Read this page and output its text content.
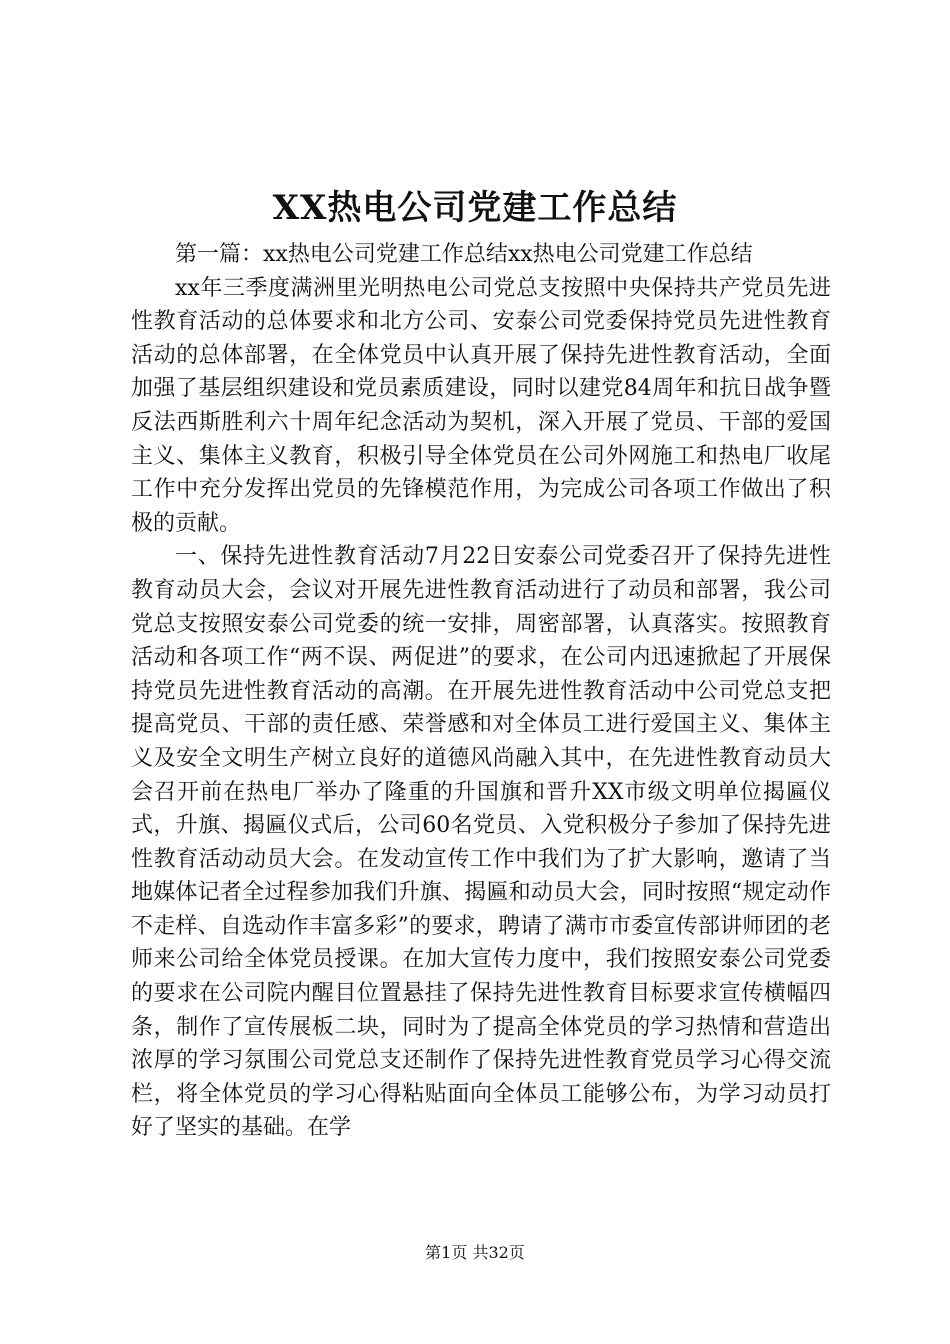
XX热电公司党建工作总结

第一篇：xx热电公司党建工作总结xx热电公司党建工作总结

xx年三季度满洲里光明热电公司党总支按照中央保持共产党员先进性教育活动的总体要求和北方公司、安泰公司党委保持党员先进性教育活动的总体部署，在全体党员中认真开展了保持先进性教育活动，全面加强了基层组织建设和党员素质建设，同时以建党84周年和抗日战争暨反法西斯胜利六十周年纪念活动为契机，深入开展了党员、干部的爱国主义、集体主义教育，积极引导全体党员在公司外网施工和热电厂收尾工作中充分发挥出党员的先锋模范作用，为完成公司各项工作做出了积极的贡献。

一、保持先进性教育活动7月22日安泰公司党委召开了保持先进性教育动员大会，会议对开展先进性教育活动进行了动员和部署，我公司党总支按照安泰公司党委的统一安排，周密部署，认真落实。按照教育活动和各项工作“两不误、两促进”的要求，在公司内迅速掀起了开展保持党员先进性教育活动的高潮。在开展先进性教育活动中公司党总支把提高党员、干部的责任感、荣誉感和对全体员工进行爱国主义、集体主义及安全文明生产树立良好的道德风尚融入其中，在先进性教育动员大会召开前在热电厂举办了隆重的升国旗和晋升XX市级文明单位揭匾仪式，升旗、揭匾仪式后，公司60名党员、入党积极分子参加了保持先进性教育活动动员大会。在发动宣传工作中我们为了扩大影响，邀请了当地媒体记者全过程参加我们升旗、揭匾和动员大会，同时按照“规定动作不走样、自选动作丰富多彩”的要求，聘请了满市市委宣传部讲师团的老师来公司给全体党员授课。在加大宣传力度中，我们按照安泰公司党委的要求在公司院内醒目位置悬挂了保持先进性教育目标要求宣传横幅四条，制作了宣传展板二块，同时为了提高全体党员的学习热情和营造出浓厚的学习氛围公司党总支还制作了保持先进性教育党员学习心得交流栏，将全体党员的学习心得粘贴面向全体员工能够公布，为学习动员打好了坚实的基础。在学

第1页 共32页
